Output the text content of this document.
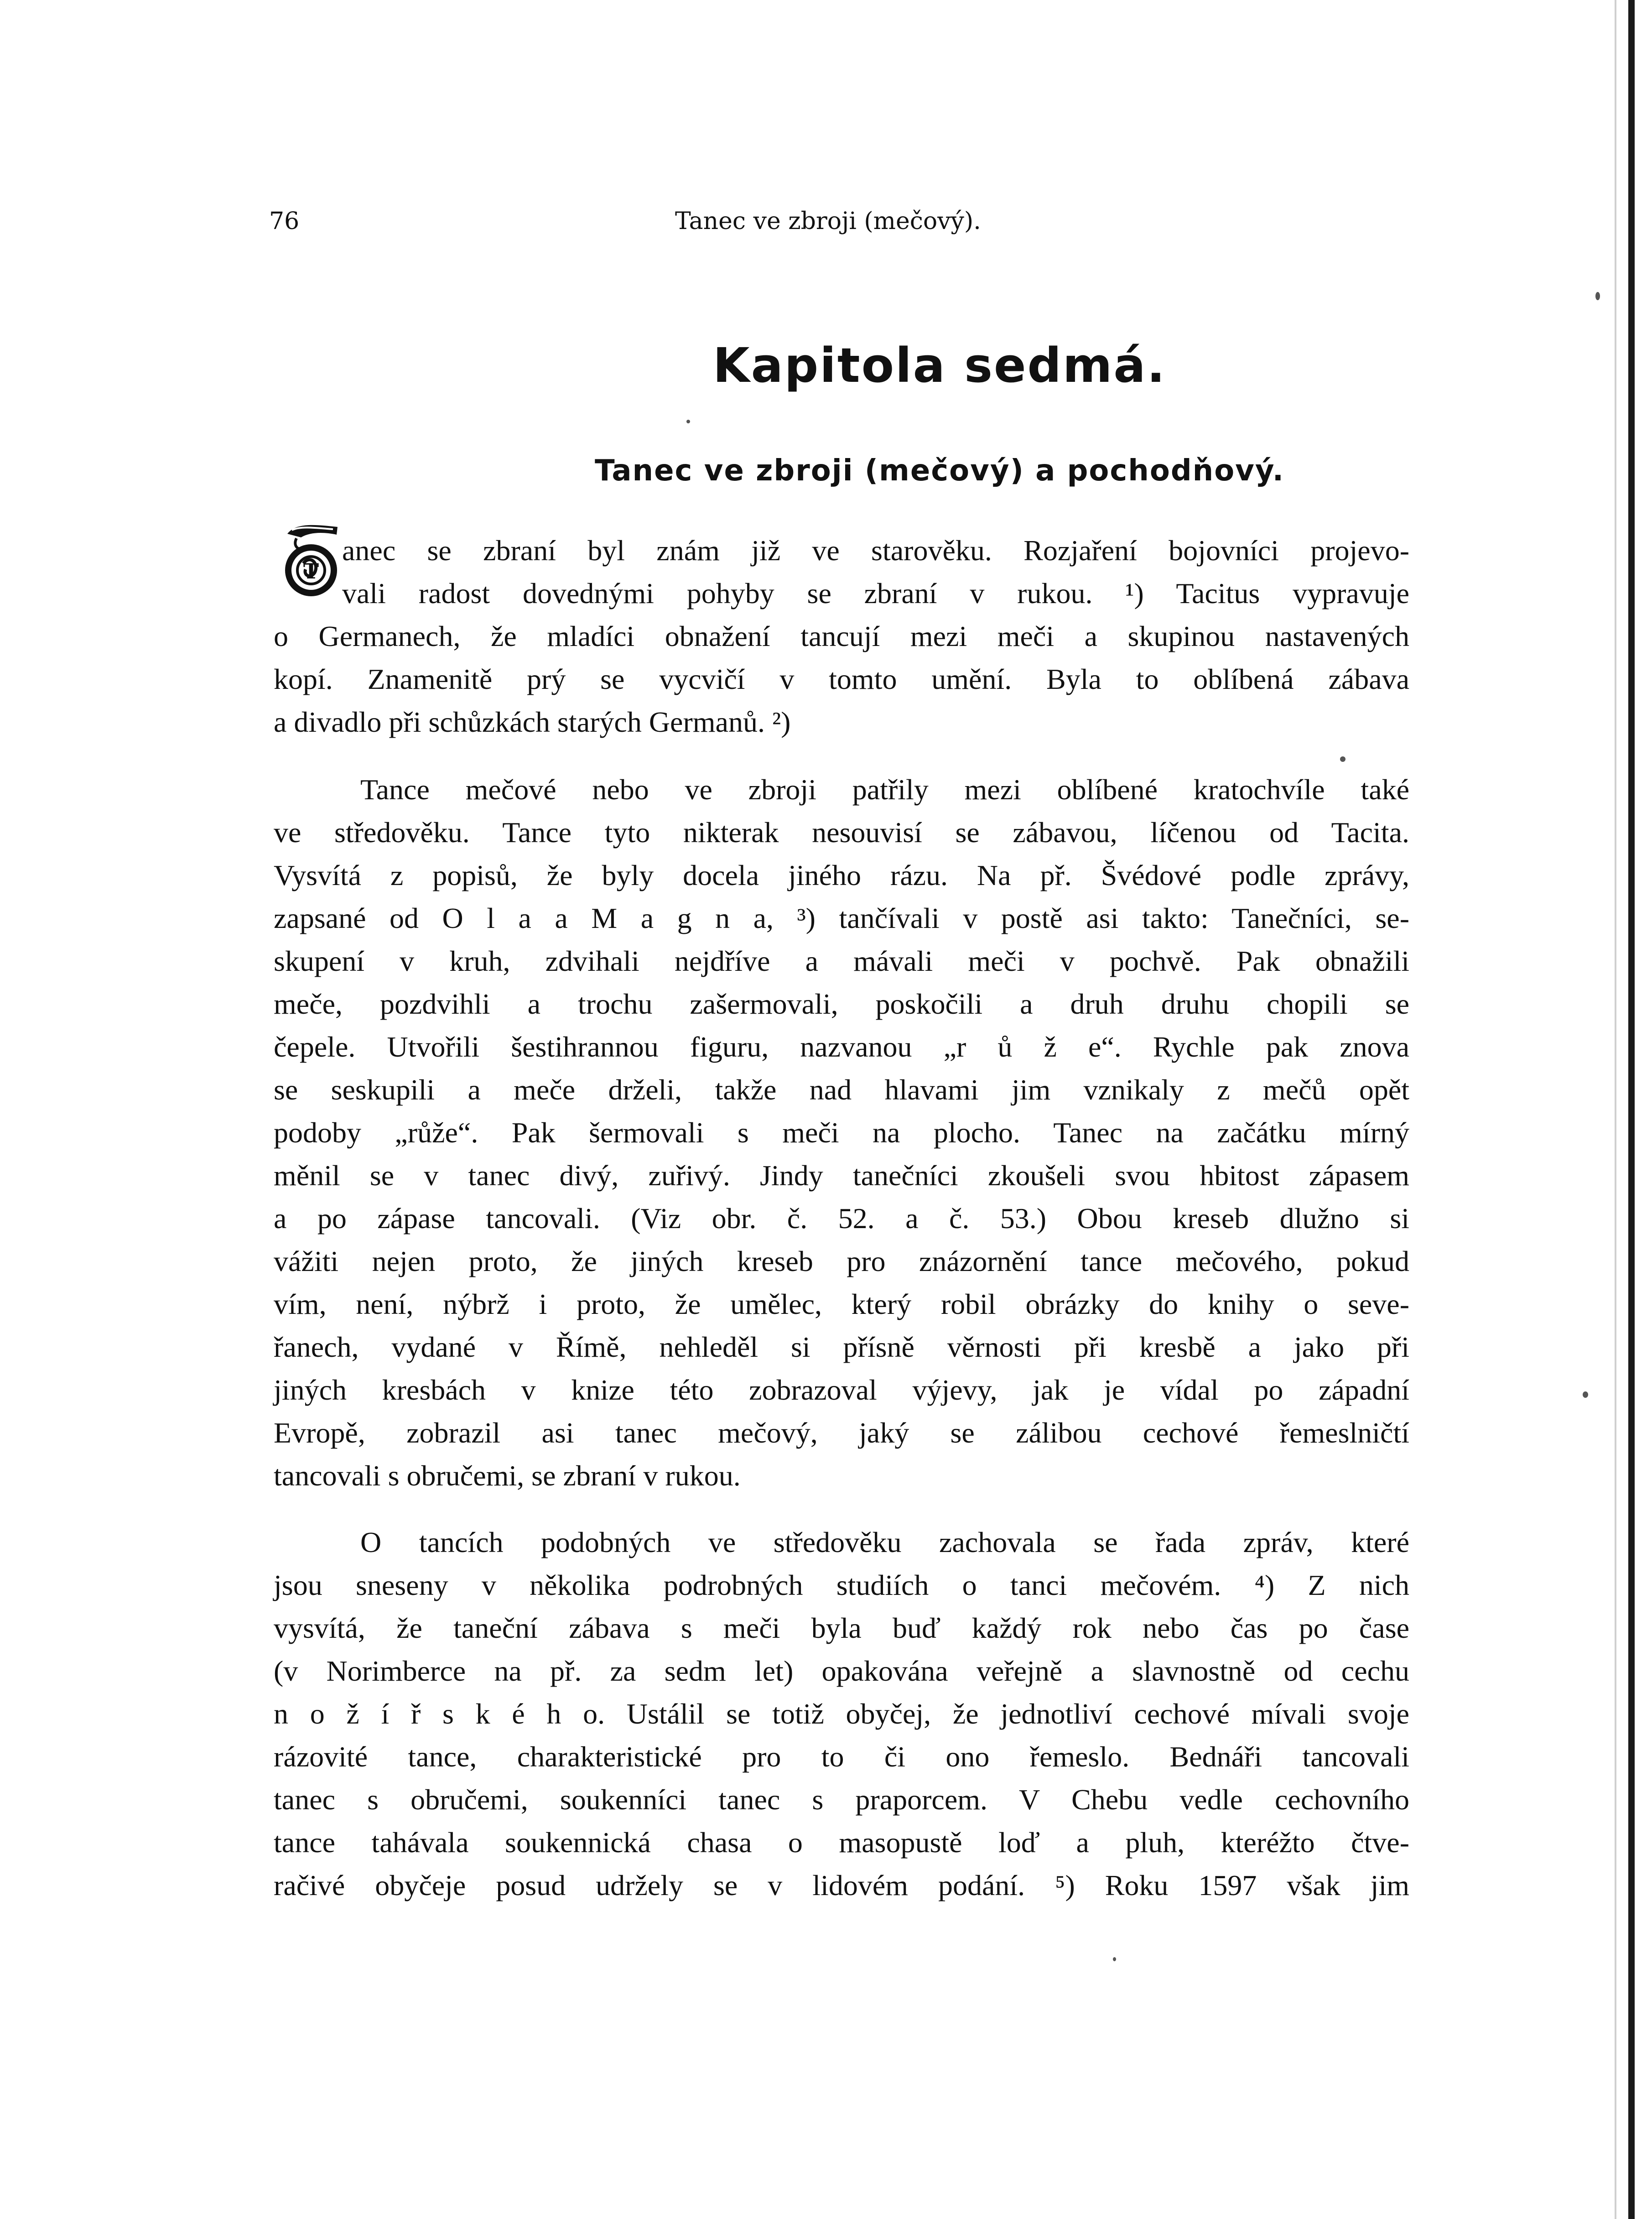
76	Tanec ve zbroji (mečový).
Kapitola sedmá.
Tanec ve zbroji (mečový) a pochodňový.
T
anec se zbraní byl znám již ve starověku. Rozjaření bojovníci projevo-
vali radost dovednými pohyby se zbraní v rukou. ¹) Tacitus vypravuje
o Germanech, že mladíci obnažení tancují mezi meči a skupinou nastavených
kopí. Znamenitě prý se vycvičí v tomto umění. Byla to oblíbená zábava
a divadlo při schůzkách starých Germanů. ²)
Tance mečové nebo ve zbroji patřily mezi oblíbené kratochvíle také
ve středověku. Tance tyto nikterak nesouvisí se zábavou, líčenou od Tacita.
Vysvítá z popisů, že byly docela jiného rázu. Na př. Švédové podle zprávy,
zapsané od O l a a M a g n a, ³) tančívali v postě asi takto: Tanečníci, se-
skupení v kruh, zdvihali nejdříve a mávali meči v pochvě. Pak obnažili
meče, pozdvihli a trochu zašermovali, poskočili a druh druhu chopili se
čepele. Utvořili šestihrannou figuru, nazvanou „r ů ž e“. Rychle pak znova
se seskupili a meče drželi, takže nad hlavami jim vznikaly z mečů opět
podoby „růže“. Pak šermovali s meči na plocho. Tanec na začátku mírný
měnil se v tanec divý, zuřivý. Jindy tanečníci zkoušeli svou hbitost zápasem
a po zápase tancovali. (Viz obr. č. 52. a č. 53.) Obou kreseb dlužno si
vážiti nejen proto, že jiných kreseb pro znázornění tance mečového, pokud
vím, není, nýbrž i proto, že umělec, který robil obrázky do knihy o seve-
řanech, vydané v Římě, nehleděl si přísně věrnosti při kresbě a jako při
jiných kresbách v knize této zobrazoval výjevy, jak je vídal po západní
Evropě, zobrazil asi tanec mečový, jaký se zálibou cechové řemeslničtí
tancovali s obručemi, se zbraní v rukou.
O tancích podobných ve středověku zachovala se řada zpráv, které
jsou sneseny v několika podrobných studiích o tanci mečovém. ⁴) Z nich
vysvítá, že taneční zábava s meči byla buď každý rok nebo čas po čase
(v Norimberce na př. za sedm let) opakována veřejně a slavnostně od cechu
n o ž í ř s k é h o. Ustálil se totiž obyčej, že jednotliví cechové mívali svoje
rázovité tance, charakteristické pro to či ono řemeslo. Bednáři tancovali
tanec s obručemi, soukenníci tanec s praporcem. V Chebu vedle cechovního
tance tahávala soukennická chasa o masopustě loď a pluh, kteréžto čtve-
račivé obyčeje posud udržely se v lidovém podání. ⁵) Roku 1597 však jim
